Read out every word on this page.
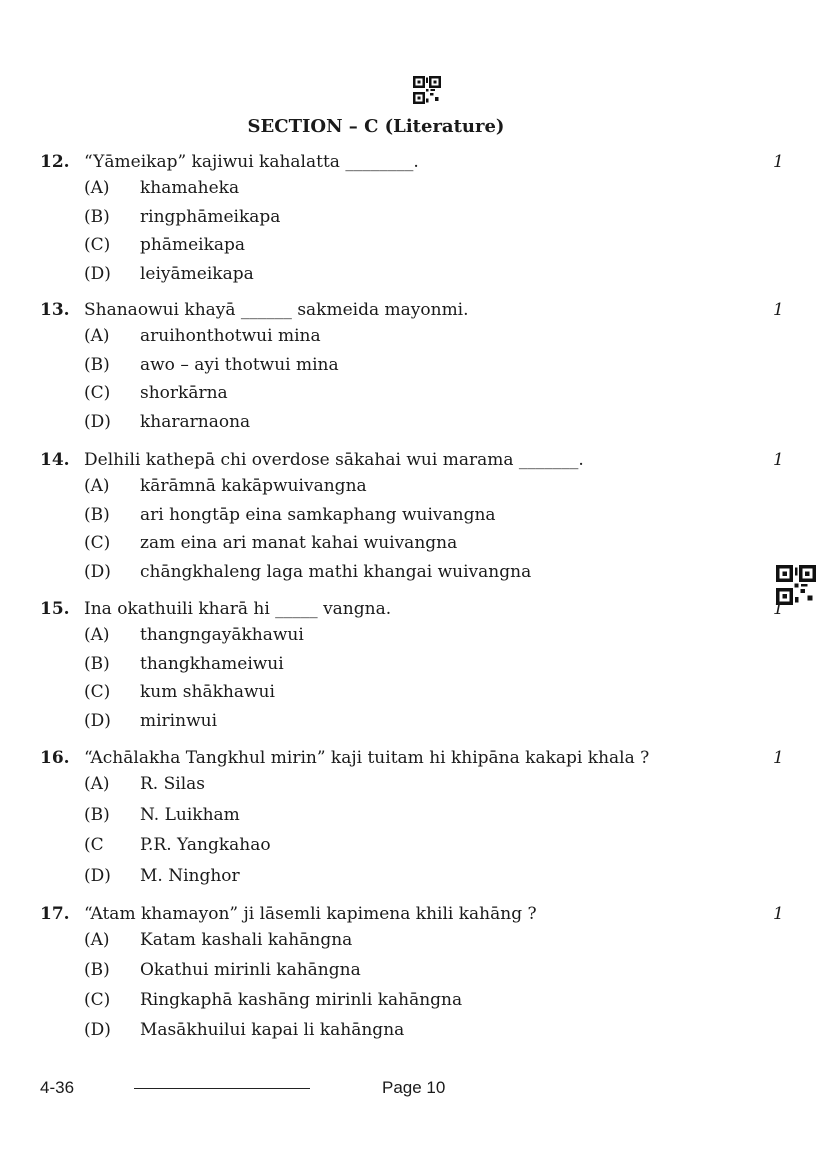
SECTION – C (Literature)
12. “Yāmeikap” kajiwui kahalatta ________.	1
(A) khamaheka
(B) ringphāmeikapa
(C) phāmeikapa
(D) leiyāmeikapa
13. Shanaowui khayā ______ sakmeida mayonmi.	1
(A) aruihonthotwui mina
(B) awo – ayi thotwui mina
(C) shorkārna
(D) khararnaona
14. Delhili kathepā chi overdose sākahai wui marama _______.	1
(A) kārāmnā kakāpwuivangna
(B) ari hongtāp eina samkaphang wuivangna
(C) zam eina ari manat kahai wuivangna
(D) chāngkhaleng laga mathi khangai wuivangna
15. Ina okathuili kharā hi _____ vangna.	1
(A) thangngayākhawui
(B) thangkhameiwui
(C) kum shākhawui
(D) mirinwui
16. “Achālakha Tangkhul mirin” kaji tuitam hi khipāna kakapi khala ?	1
(A) R. Silas
(B) N. Luikham
(C P.R. Yangkahao
(D) M. Ninghor
17. “Atam khamayon” ji lāsemli kapimena khili kahāng ?	1
(A) Katam kashali kahāngna
(B) Okathui mirinli kahāngna
(C) Ringkaphā kashāng mirinli kahāngna
(D) Masākhuilui kapai li kahāngna
4-36	Page 10
